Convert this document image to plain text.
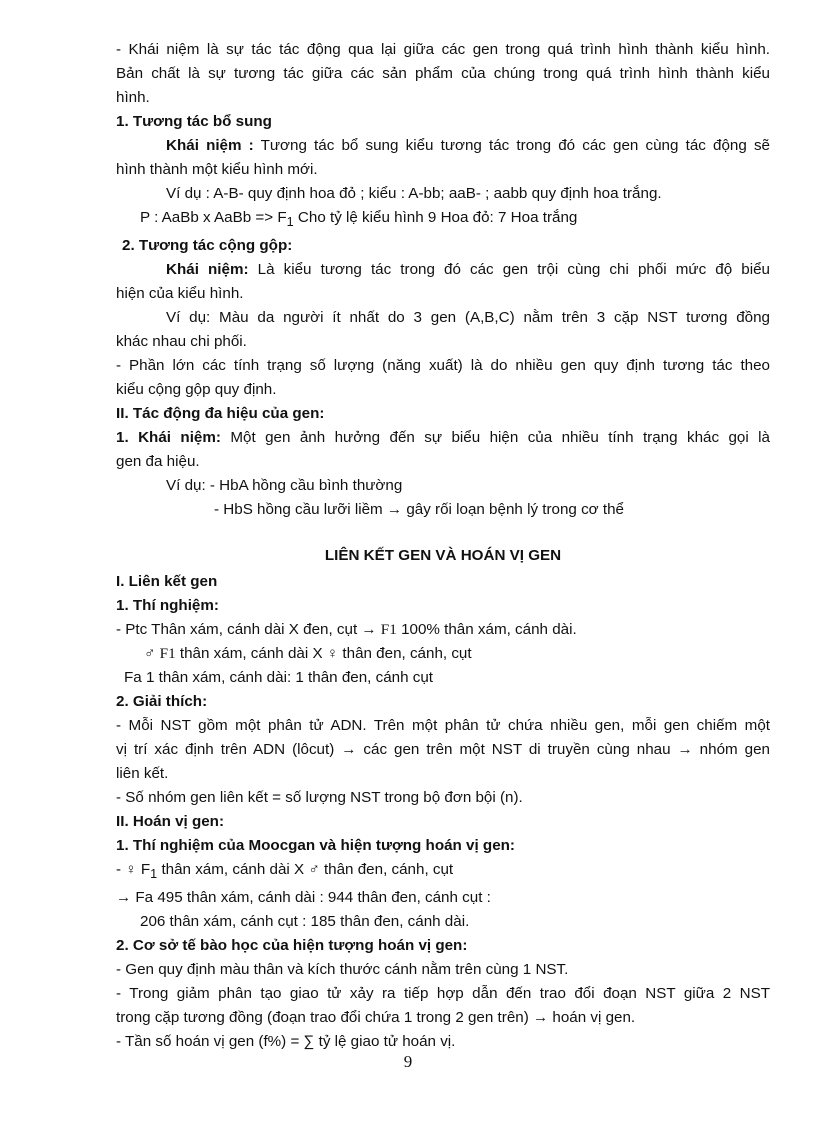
- Khái niệm là sự tác tác động qua lại giữa các gen trong quá trình hình thành kiểu hình.
Bản chất là sự tương tác giữa các sản phẩm của chúng trong quá trình hình thành kiểu
hình.
1. Tương tác bổ sung
Khái niệm : Tương tác bổ sung kiểu tương tác trong đó các gen cùng tác động sẽ
hình thành một kiểu hình mới.
Ví dụ : A-B- quy định hoa đỏ ; kiểu : A-bb; aaB- ; aabb quy định hoa trắng.
P : AaBb x AaBb => $F_1$ Cho tỷ lệ kiểu hình 9 Hoa đỏ: 7 Hoa trắng
2. Tương tác cộng gộp:
Khái niệm: Là kiểu tương tác trong đó các gen trội cùng chi phối mức độ biểu
hiện của kiểu hình.
Ví dụ: Màu da người ít nhất do 3 gen (A,B,C) nằm trên 3 cặp NST tương đồng
khác nhau chi phối.
- Phần lớn các tính trạng số lượng (năng xuất) là do nhiều gen quy định tương tác theo
kiểu cộng gộp quy định.
II. Tác động đa hiệu của gen:
1. Khái niệm: Một gen ảnh hưởng đến sự biểu hiện của nhiều tính trạng khác gọi là
gen đa hiệu.
Ví dụ: - HbA hồng cầu bình thường
- HbS hồng cầu lưỡi liềm → gây rối loạn bệnh lý trong cơ thể
LIÊN KẾT GEN VÀ HOÁN VỊ GEN
I. Liên kết gen
1. Thí nghiệm:
- Ptc Thân xám, cánh dài X đen, cụt → F1 100% thân xám, cánh dài.
♂ F1 thân xám, cánh dài X ♀ thân đen, cánh, cụt
Fa 1 thân xám, cánh dài: 1 thân đen, cánh cụt
2. Giải thích:
- Mỗi NST gồm một phân tử ADN. Trên một phân tử chứa nhiều gen, mỗi gen chiếm một
vị trí xác định trên ADN (lôcut) → các gen trên một NST di truyền cùng nhau → nhóm gen
liên kết.
- Số nhóm gen liên kết = số lượng NST trong bộ đơn bội (n).
II. Hoán vị gen:
1. Thí nghiệm của Moocgan và hiện tượng hoán vị gen:
- ♀ $F_1$ thân xám, cánh dài X ♂ thân đen, cánh, cụt
→ Fa 495 thân xám, cánh dài : 944 thân đen, cánh cụt :
206 thân xám, cánh cụt : 185 thân đen, cánh dài.
2. Cơ sở tế bào học của hiện tượng hoán vị gen:
- Gen quy định màu thân và kích thước cánh nằm trên cùng 1 NST.
- Trong giảm phân tạo giao tử xảy ra tiếp hợp dẫn đến trao đổi đoạn NST giữa 2 NST
trong cặp tương đồng (đoạn trao đổi chứa 1 trong 2 gen trên) → hoán vị gen.
- Tần số hoán vị gen (f%) = ∑ tỷ lệ giao tử hoán vị.
9
